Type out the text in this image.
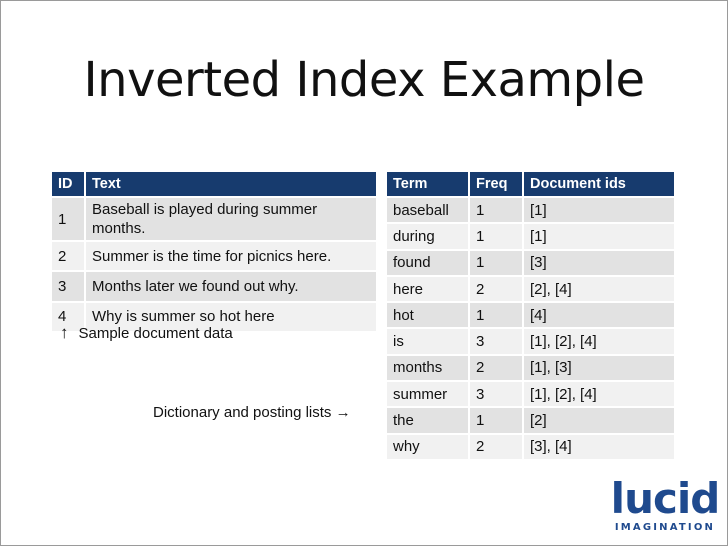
Inverted Index Example
ID	Text
1	Baseball is played during summer months.
2	Summer is the time for picnics here.
3	Months later we found out why.
4	Why is summer so hot here
↑ Sample document data
Term	Freq	Document ids
baseball	1	[1]
during	1	[1]
found	1	[3]
here	2	[2], [4]
hot	1	[4]
is	3	[1], [2], [4]
months	2	[1], [3]
summer	3	[1], [2], [4]
the	1	[2]
why	2	[3], [4]
Dictionary and posting lists →
lucid
IMAGINATION
